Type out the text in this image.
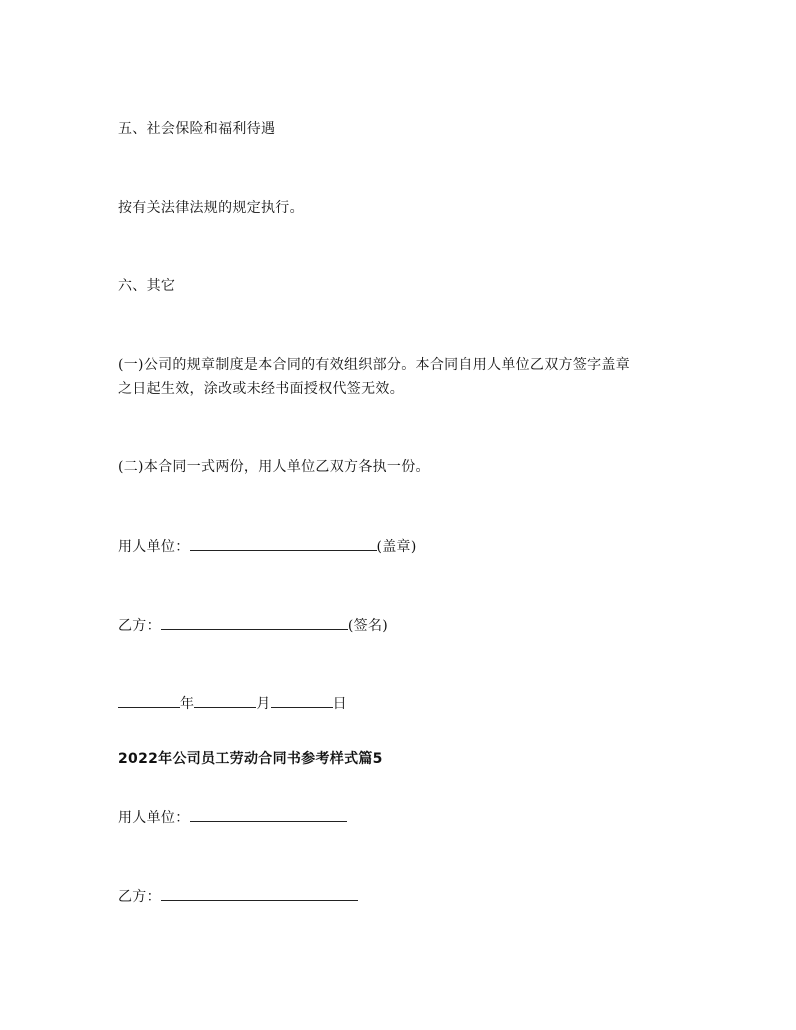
五、社会保险和福利待遇
按有关法律法规的规定执行。
六、其它
(一)公司的规章制度是本合同的有效组织部分。本合同自用人单位乙双方签字盖章
之日起生效，涂改或未经书面授权代签无效。
(二)本合同一式两份，用人单位乙双方各执一份。
用人单位：	(盖章)
乙方：	(签名)
年	月	日
2022年公司员工劳动合同书参考样式篇5
用人单位：
乙方：
